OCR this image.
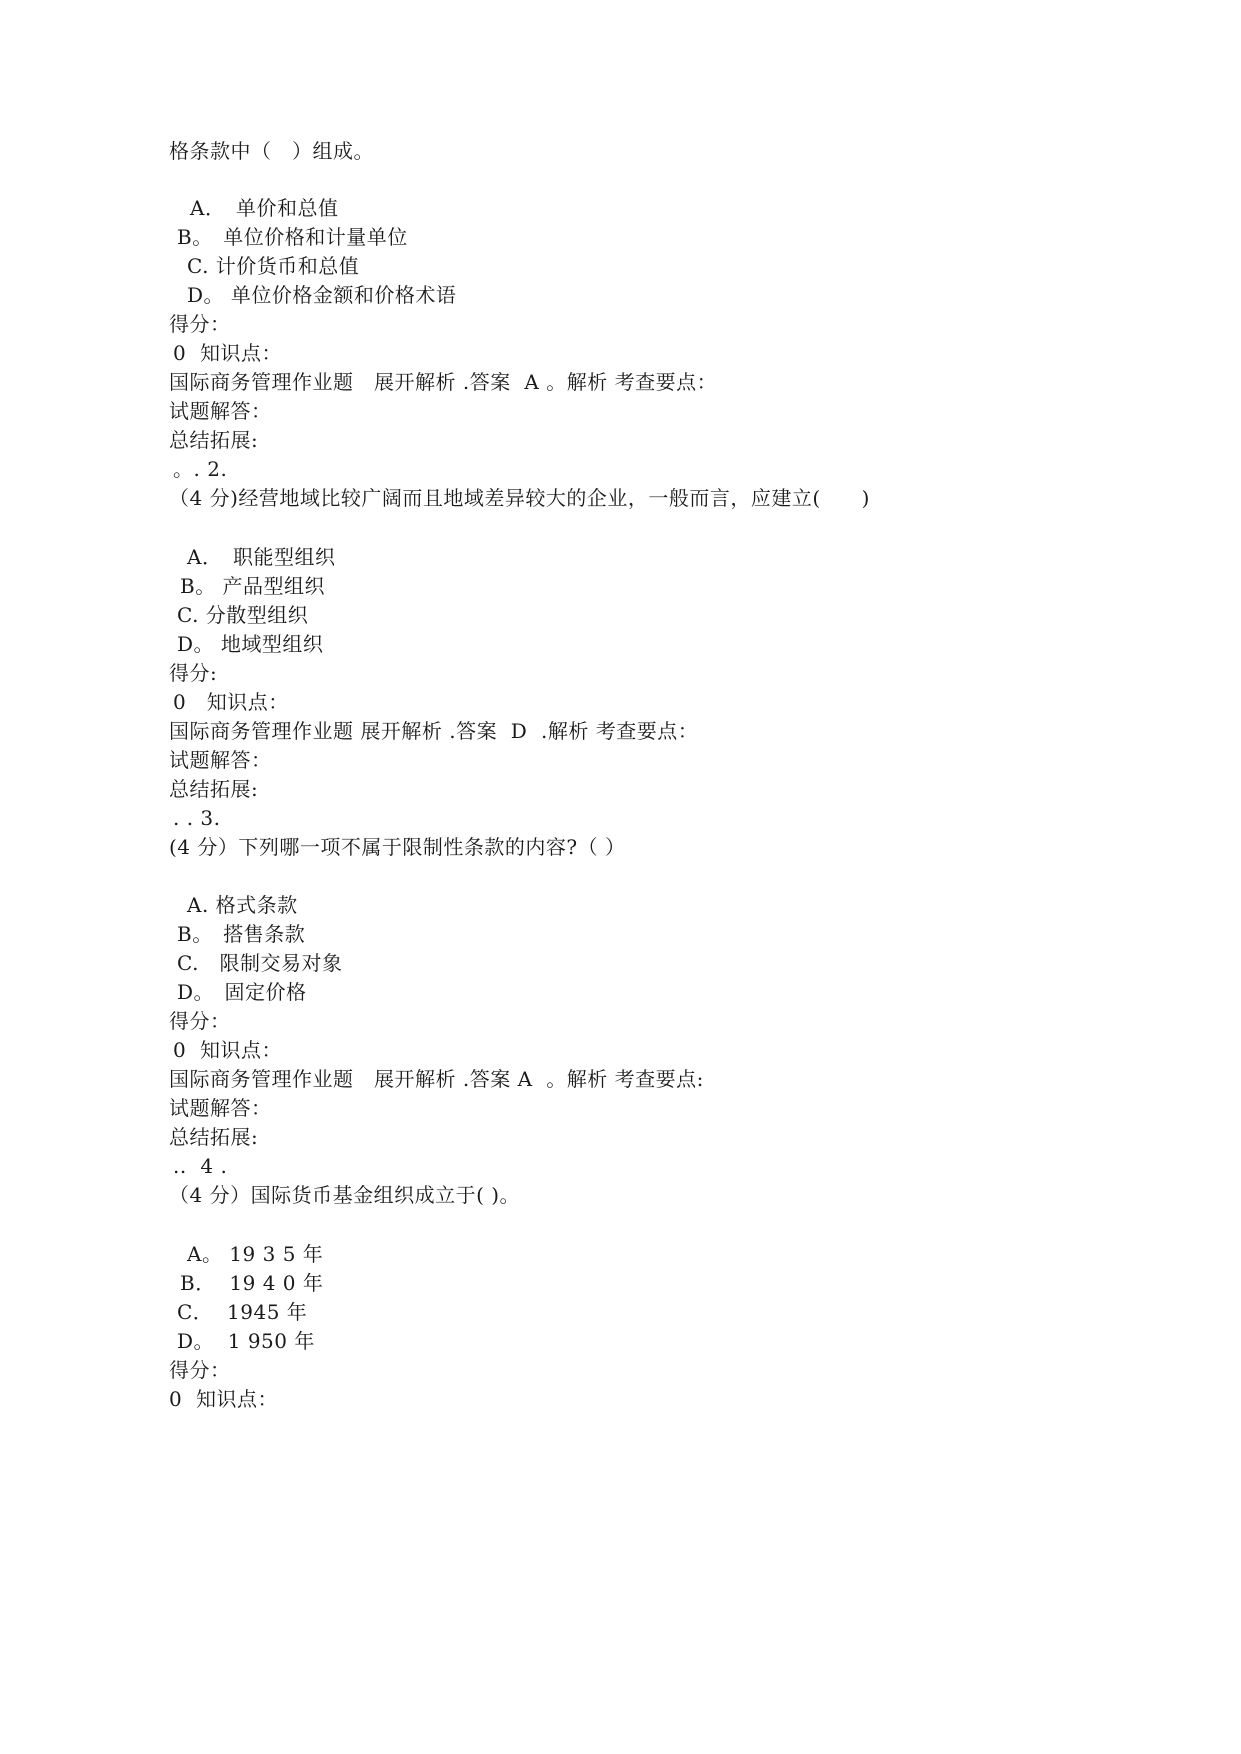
格条款中（　）组成。
A．　单价和总值
B。　单位价格和计量单位
C. 计价货币和总值
D。 单位价格金额和价格术语
得分：
0  知识点：
国际商务管理作业题　展开解析 .答案  A 。解析 考查要点：
试题解答：
总结拓展:
。. 2.
（4 分)经营地域比较广阔而且地域差异较大的企业，一般而言，应建立(　　)
A．　职能型组织
B。 产品型组织
C. 分散型组织
D。 地域型组织
得分:
0   知识点：
国际商务管理作业题 展开解析 .答案  D  .解析 考查要点：
试题解答：
总结拓展:
. . 3.
(4 分）下列哪一项不属于限制性条款的内容?（ ）
A. 格式条款
B。　搭售条款
C.　限制交易对象
D。　固定价格
得分：
0  知识点：
国际商务管理作业题　展开解析 .答案 A  。解析 考查要点:
试题解答：
总结拓展:
..  4 .
（4 分）国际货币基金组织成立于( )。
A。 19 3 5 年
B．  19 4 0 年
C．  1945 年
D。  1 950 年
得分：
0  知识点：
